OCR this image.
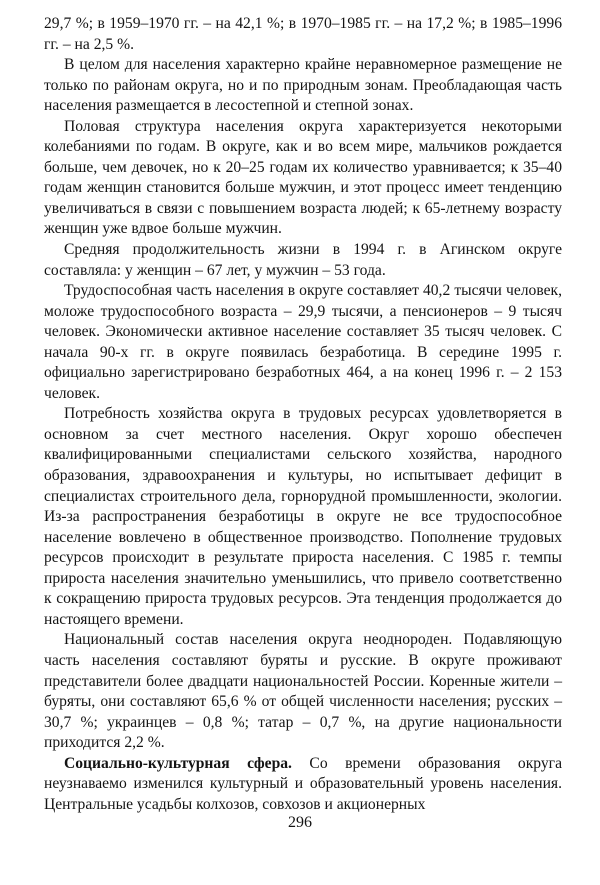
29,7 %; в 1959–1970 гг. – на 42,1 %; в 1970–1985 гг. – на 17,2 %; в 1985–1996 гг. – на 2,5 %.

В целом для населения характерно крайне неравномерное размещение не только по районам округа, но и по природным зонам. Преобладающая часть населения размещается в лесостепной и степной зонах.

Половая структура населения округа характеризуется некоторыми колебаниями по годам. В округе, как и во всем мире, мальчиков рождается больше, чем девочек, но к 20–25 годам их количество уравнивается; к 35–40 годам женщин становится больше мужчин, и этот процесс имеет тенденцию увеличиваться в связи с повышением возраста людей; к 65-летнему возрасту женщин уже вдвое больше мужчин.

Средняя продолжительность жизни в 1994 г. в Агинском округе составляла: у женщин – 67 лет, у мужчин – 53 года.

Трудоспособная часть населения в округе составляет 40,2 тысячи человек, моложе трудоспособного возраста – 29,9 тысячи, а пенсионеров – 9 тысяч человек. Экономически активное население составляет 35 тысяч человек. С начала 90-х гг. в округе появилась безработица. В середине 1995 г. официально зарегистрировано безработных 464, а на конец 1996 г. – 2 153 человек.

Потребность хозяйства округа в трудовых ресурсах удовлетворяется в основном за счет местного населения. Округ хорошо обеспечен квалифицированными специалистами сельского хозяйства, народного образования, здравоохранения и культуры, но испытывает дефицит в специалистах строительного дела, горнорудной промышленности, экологии. Из-за распространения безработицы в округе не все трудоспособное население вовлечено в общественное производство. Пополнение трудовых ресурсов происходит в результате прироста населения. С 1985 г. темпы прироста населения значительно уменьшились, что привело соответственно к сокращению прироста трудовых ресурсов. Эта тенденция продолжается до настоящего времени.

Национальный состав населения округа неоднороден. Подавляющую часть населения составляют буряты и русские. В округе проживают представители более двадцати национальностей России. Коренные жители – буряты, они составляют 65,6 % от общей численности населения; русских – 30,7 %; украинцев – 0,8 %; татар – 0,7 %, на другие национальности приходится 2,2 %.

Социально-культурная сфера. Со времени образования округа неузнаваемо изменился культурный и образовательный уровень населения. Центральные усадьбы колхозов, совхозов и акционерных

296
